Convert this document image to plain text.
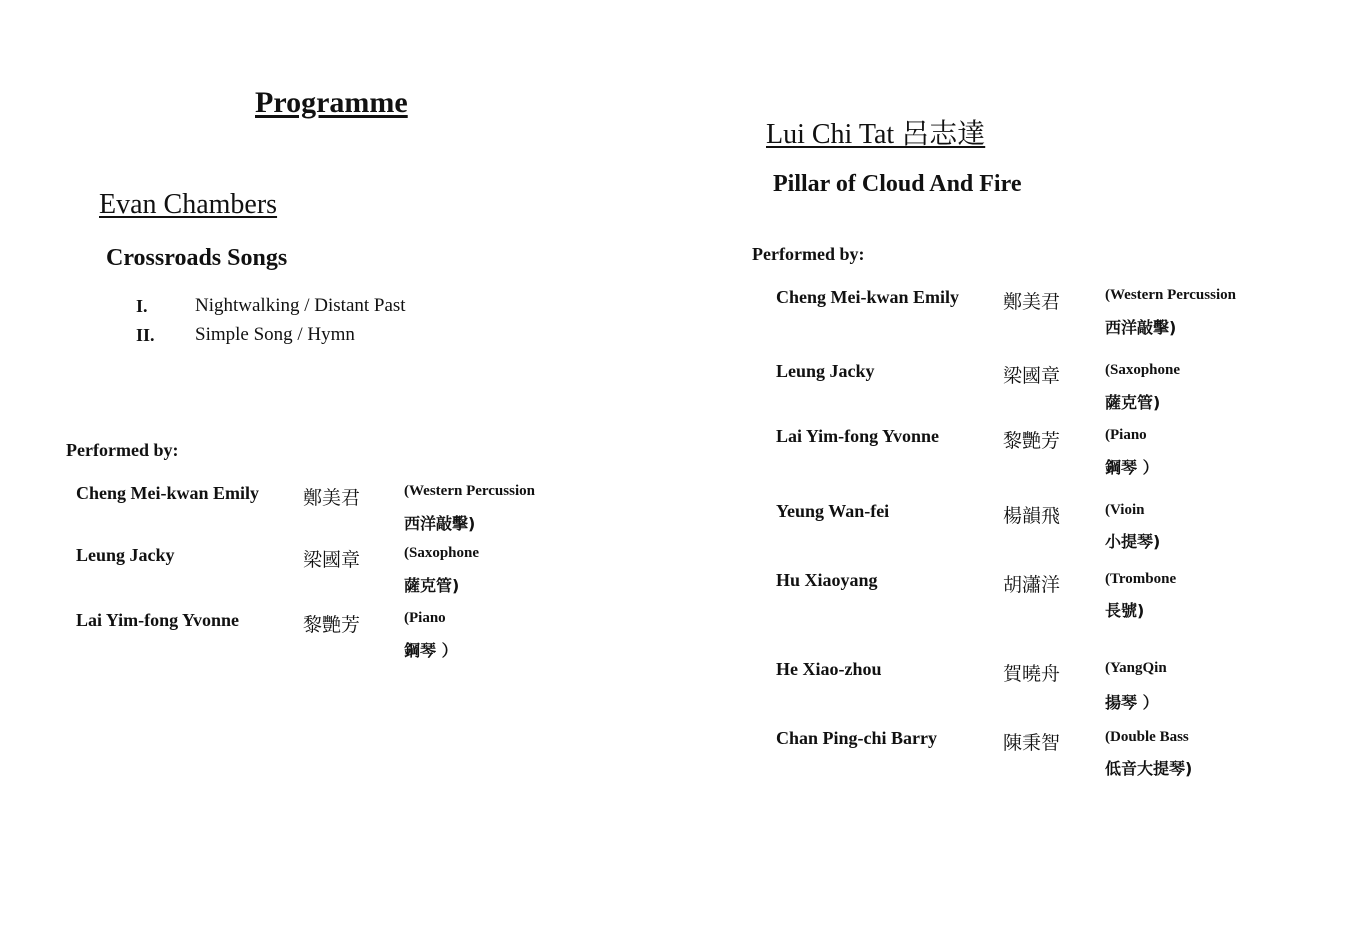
Programme
Evan Chambers
Crossroads Songs
I. Nightwalking / Distant Past
II. Simple Song / Hymn
Performed by:
Cheng Mei-kwan Emily 鄭美君	(Western Percussion
西洋敲擊)
Leung Jacky	梁國章	(Saxophone
薩克管)
Lai Yim-fong Yvonne	黎艷芳	(Piano
鋼琴 ）
Lui Chi Tat 呂志達
Pillar of Cloud And Fire
Performed by:
Cheng Mei-kwan Emily 鄭美君	(Western Percussion
西洋敲擊)
Leung Jacky	梁國章	(Saxophone
薩克管)
Lai Yim-fong Yvonne	黎艷芳	(Piano
鋼琴 ）
Yeung Wan-fei	楊韻飛	(Vioin
小提琴)
Hu Xiaoyang	胡瀟洋	(Trombone
長號)
He Xiao-zhou	賀曉舟	(YangQin
揚琴 ）
Chan Ping-chi Barry	陳秉智	(Double Bass
低音大提琴)
